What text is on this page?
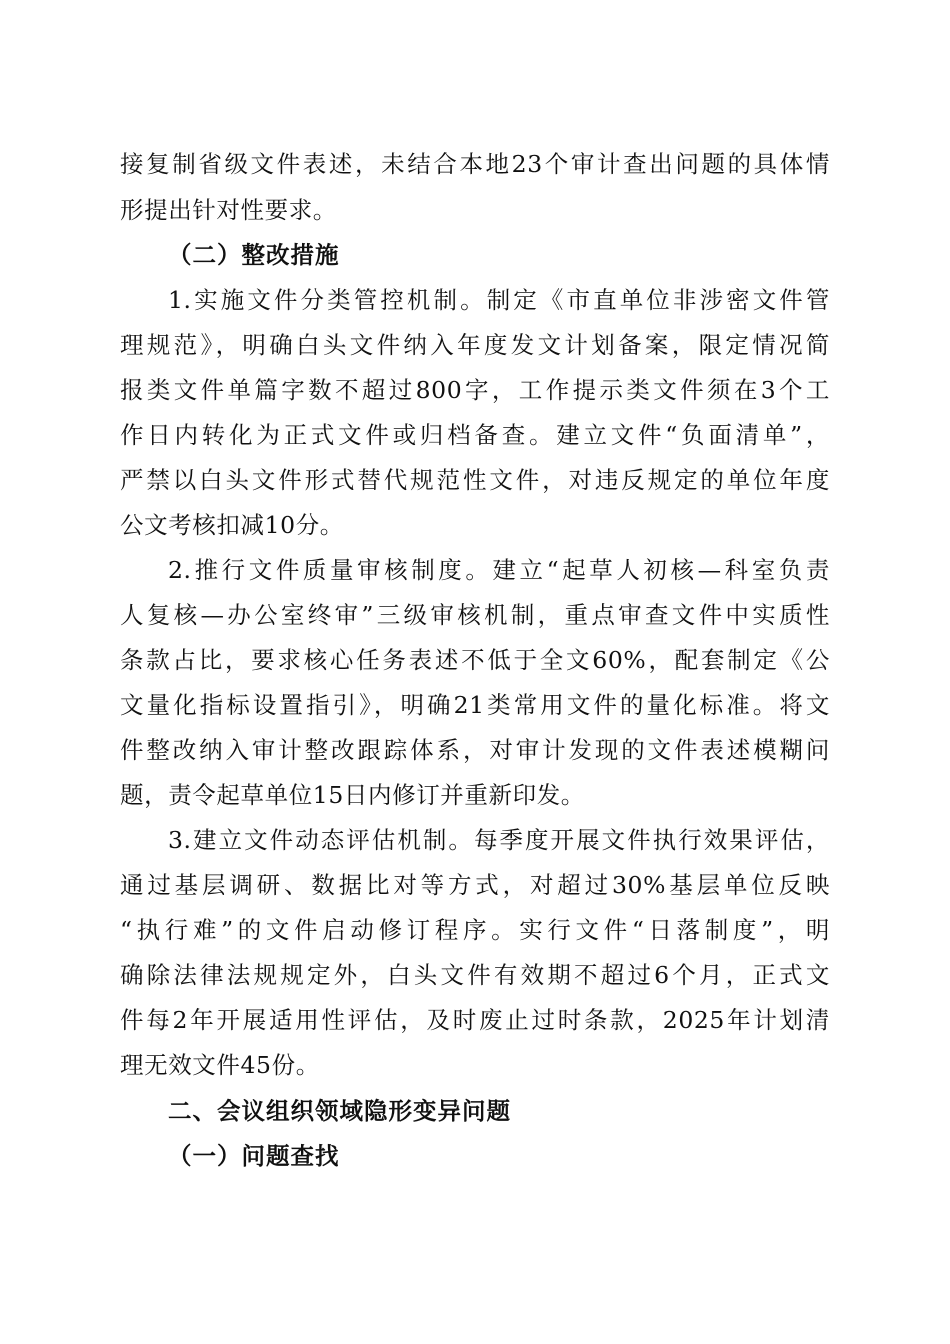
接复制省级文件表述，未结合本地23个审计查出问题的具体情
形提出针对性要求。
（二）整改措施
1.实施文件分类管控机制。制定《市直单位非涉密文件管
理规范》，明确白头文件纳入年度发文计划备案，限定情况简
报类文件单篇字数不超过800字，工作提示类文件须在3个工
作日内转化为正式文件或归档备查。建立文件“负面清单”，
严禁以白头文件形式替代规范性文件，对违反规定的单位年度
公文考核扣减10分。
2.推行文件质量审核制度。建立“起草人初核—科室负责
人复核—办公室终审”三级审核机制，重点审查文件中实质性
条款占比，要求核心任务表述不低于全文60%，配套制定《公
文量化指标设置指引》，明确21类常用文件的量化标准。将文
件整改纳入审计整改跟踪体系，对审计发现的文件表述模糊问
题，责令起草单位15日内修订并重新印发。
3.建立文件动态评估机制。每季度开展文件执行效果评估，
通过基层调研、数据比对等方式，对超过30%基层单位反映
“执行难”的文件启动修订程序。实行文件“日落制度”，明
确除法律法规规定外，白头文件有效期不超过6个月，正式文
件每2年开展适用性评估，及时废止过时条款，2025年计划清
理无效文件45份。
二、会议组织领域隐形变异问题
（一）问题查找
